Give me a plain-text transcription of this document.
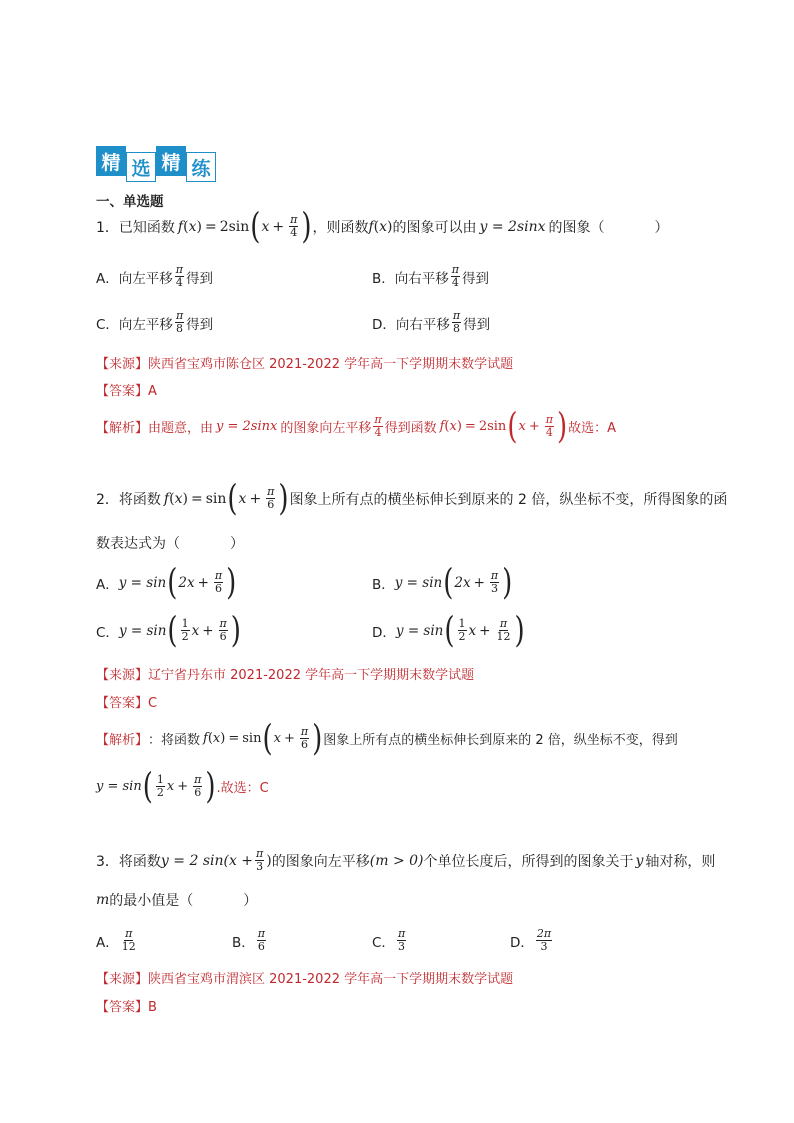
精 选 精 练
一、单选题
1．已知函数 f ( x ) = 2sin ( $x + \frac{\pi}{4}$ ) ，则函数 f ( x ) 的图象可以由 y = 2sinx 的图象（	）
A．向左平移 $\frac{\pi}{4}$ 得到	B．向右平移 $\frac{\pi}{4}$ 得到
C．向左平移 $\frac{\pi}{8}$ 得到	D．向右平移 $\frac{\pi}{8}$ 得到
【来源】陕西省宝鸡市陈仓区 2021-2022 学年高一下学期期末数学试题
【答案】A
【解析】 由题意，由 y = 2sinx 的图象向左平移 $\frac{\pi}{4}$ 得到函数 f ( x ) = 2sin ( $x + \frac{\pi}{4}$ ) 故选：A
2．将函数 f ( x ) = sin ( $x + \frac{\pi}{6}$ ) 图象上所有点的横坐标伸长到原来的 2 倍，纵坐标不变，所得图象的函
数表达式为（	）
A． y = sin ( $2x + \frac{\pi}{6}$ )	B． y = sin ( $2x + \frac{\pi}{3}$ )
C． y = sin ( $\frac{1}{2}$ $x + \frac{\pi}{6}$ )	D． y = sin ( $\frac{1}{2}$ $x + \frac{\pi}{12}$ )
【来源】辽宁省丹东市 2021-2022 学年高一下学期期末数学试题
【答案】C
【解析】 ：将函数 f ( x ) = sin ( $x + \frac{\pi}{6}$ ) 图象上所有点的横坐标伸长到原来的 2 倍，纵坐标不变，得到
y = sin ( $\frac{1}{2}$ $x + \frac{\pi}{6}$ ) .故选：C
3．将函数 y = 2 $\sin(x + \frac{\pi}{3}$ ) 的图象向左平移 (m > 0) 个单位长度后，所得到的图象关于 y 轴对称，则
m 的最小值是（	）
A． $\frac{\pi}{12}$	B． $\frac{\pi}{6}$	C． $\frac{\pi}{3}$	D． $\frac{2\pi}{3}$
【来源】陕西省宝鸡市渭滨区 2021-2022 学年高一下学期期末数学试题
【答案】B
